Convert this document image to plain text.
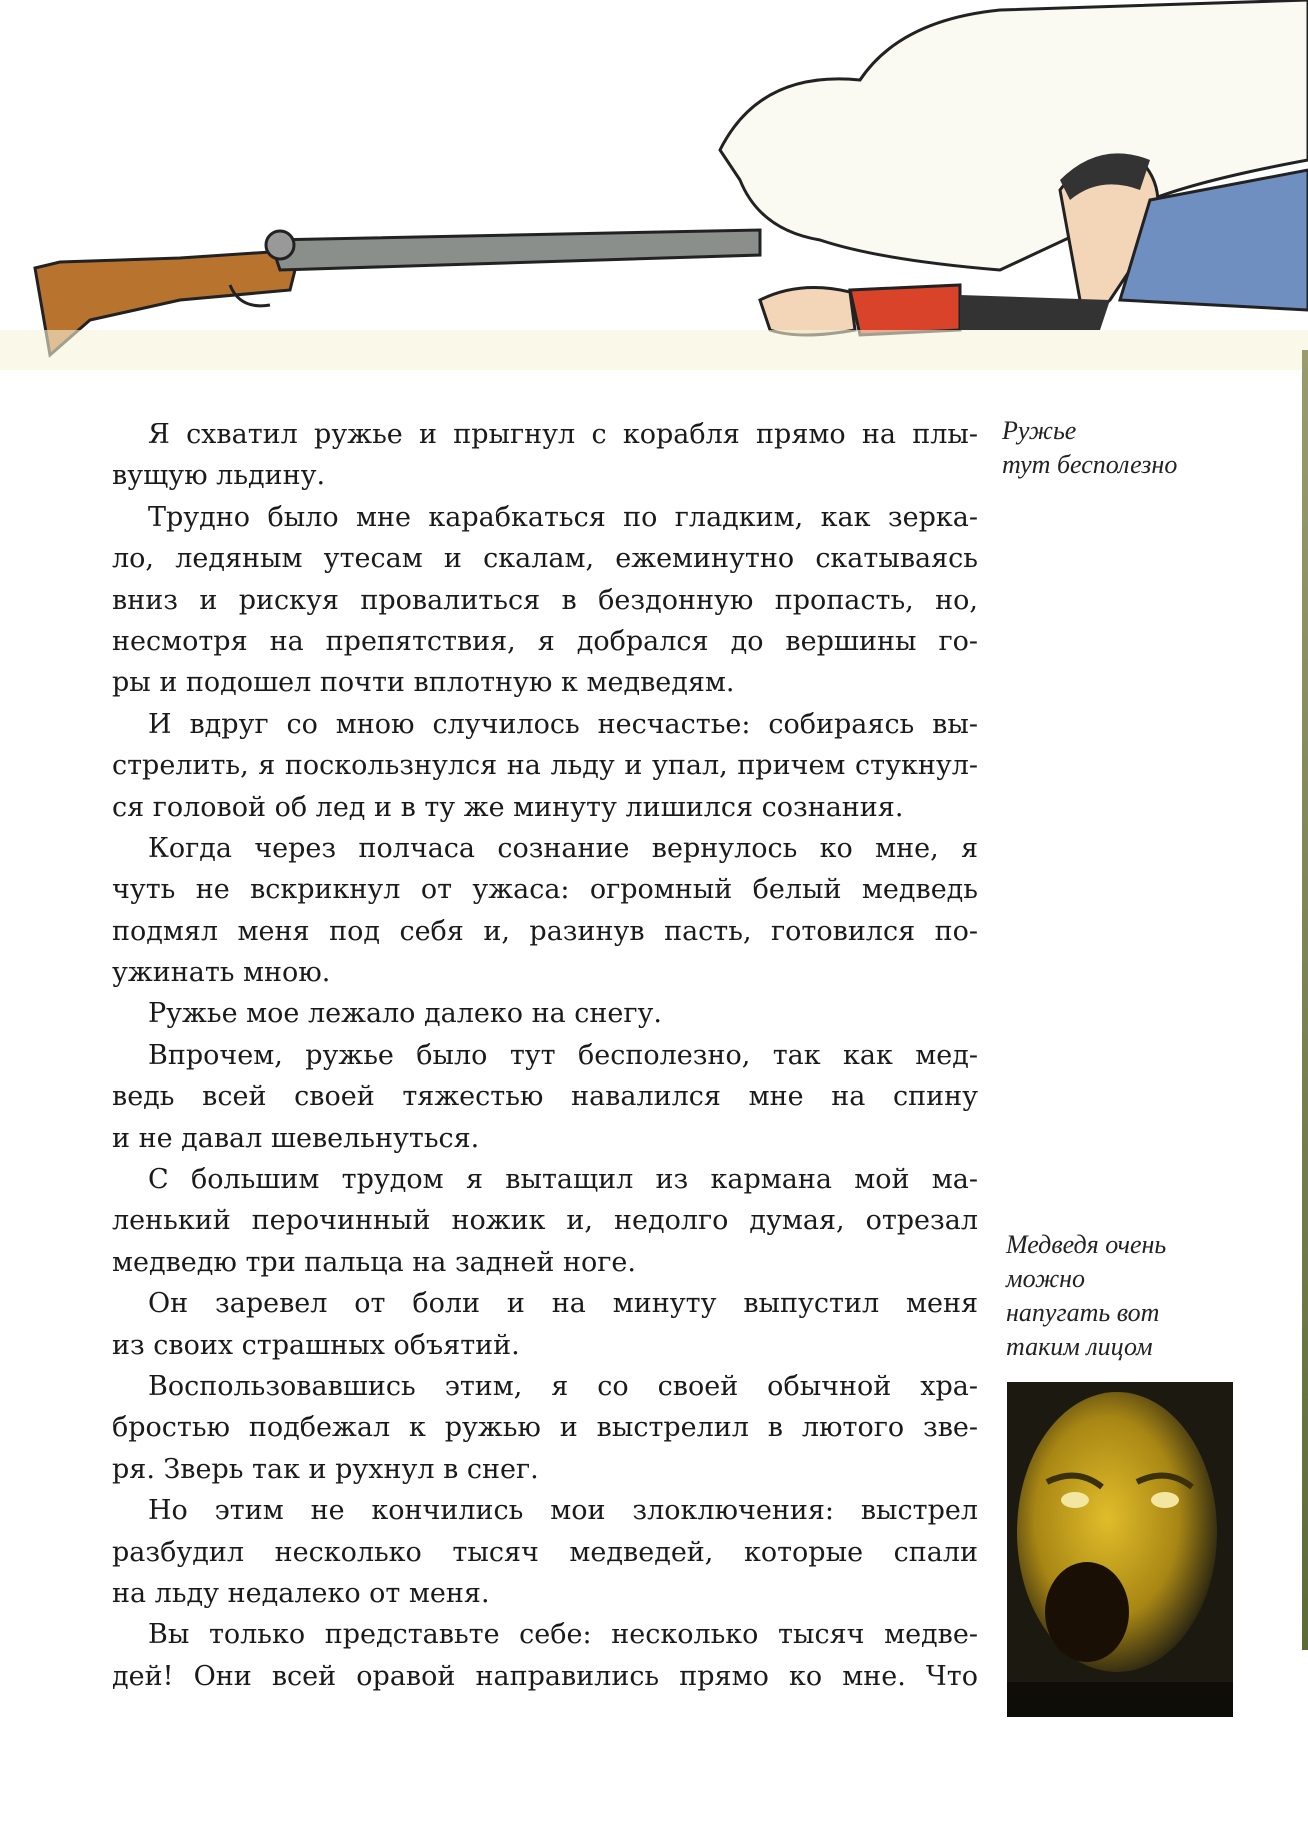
Я схватил ружье и прыгнул с корабля прямо на плы-
вущую льдину.
Трудно было мне карабкаться по гладким, как зерка-
ло, ледяным утесам и скалам, ежеминутно скатываясь
вниз и рискуя провалиться в бездонную пропасть, но,
несмотря на препятствия, я добрался до вершины го-
ры и подошел почти вплотную к медведям.
И вдруг со мною случилось несчастье: собираясь вы-
стрелить, я поскользнулся на льду и упал, причем стукнул-
ся головой об лед и в ту же минуту лишился сознания.
Когда через полчаса сознание вернулось ко мне, я
чуть не вскрикнул от ужаса: огромный белый медведь
подмял меня под себя и, разинув пасть, готовился по-
ужинать мною.
Ружье мое лежало далеко на снегу.
Впрочем, ружье было тут бесполезно, так как мед-
ведь всей своей тяжестью навалился мне на спину
и не давал шевельнуться.
С большим трудом я вытащил из кармана мой ма-
ленький перочинный ножик и, недолго думая, отрезал
медведю три пальца на задней ноге.
Он заревел от боли и на минуту выпустил меня
из своих страшных объятий.
Воспользовавшись этим, я со своей обычной хра-
бростью подбежал к ружью и выстрелил в лютого зве-
ря. Зверь так и рухнул в снег.
Но этим не кончились мои злоключения: выстрел
разбудил несколько тысяч медведей, которые спали
на льду недалеко от меня.
Вы только представьте себе: несколько тысяч медве-
дей! Они всей оравой направились прямо ко мне. Что
Ружье
тут бесполезно
Медведя очень
можно
напугать вот
таким лицом
